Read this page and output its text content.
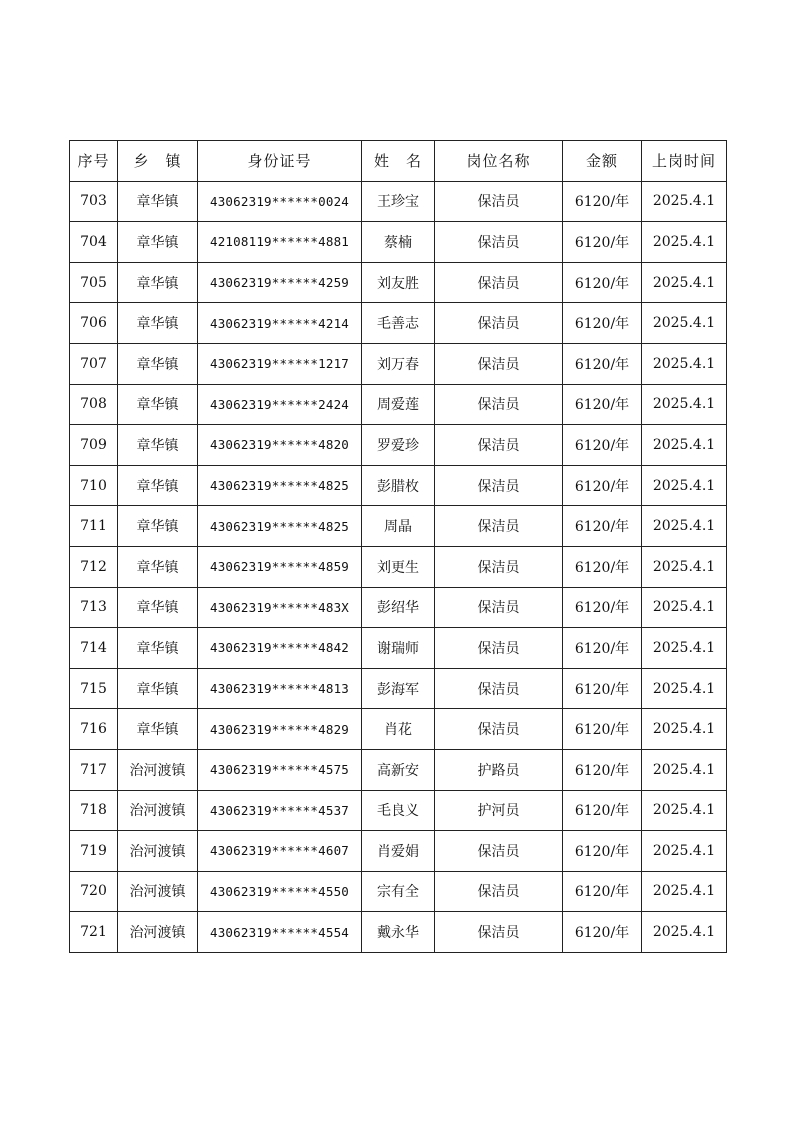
序号	乡　镇	身份证号	姓　名	岗位名称	金额	上岗时间
703	章华镇	43062319******0024	王珍宝	保洁员	6120/年	2025.4.1
704	章华镇	42108119******4881	蔡楠	保洁员	6120/年	2025.4.1
705	章华镇	43062319******4259	刘友胜	保洁员	6120/年	2025.4.1
706	章华镇	43062319******4214	毛善志	保洁员	6120/年	2025.4.1
707	章华镇	43062319******1217	刘万春	保洁员	6120/年	2025.4.1
708	章华镇	43062319******2424	周爱莲	保洁员	6120/年	2025.4.1
709	章华镇	43062319******4820	罗爱珍	保洁员	6120/年	2025.4.1
710	章华镇	43062319******4825	彭腊枚	保洁员	6120/年	2025.4.1
711	章华镇	43062319******4825	周晶	保洁员	6120/年	2025.4.1
712	章华镇	43062319******4859	刘更生	保洁员	6120/年	2025.4.1
713	章华镇	43062319******483X	彭绍华	保洁员	6120/年	2025.4.1
714	章华镇	43062319******4842	谢瑞师	保洁员	6120/年	2025.4.1
715	章华镇	43062319******4813	彭海军	保洁员	6120/年	2025.4.1
716	章华镇	43062319******4829	肖花	保洁员	6120/年	2025.4.1
717	治河渡镇	43062319******4575	高新安	护路员	6120/年	2025.4.1
718	治河渡镇	43062319******4537	毛良义	护河员	6120/年	2025.4.1
719	治河渡镇	43062319******4607	肖爱娟	保洁员	6120/年	2025.4.1
720	治河渡镇	43062319******4550	宗有全	保洁员	6120/年	2025.4.1
721	治河渡镇	43062319******4554	戴永华	保洁员	6120/年	2025.4.1
